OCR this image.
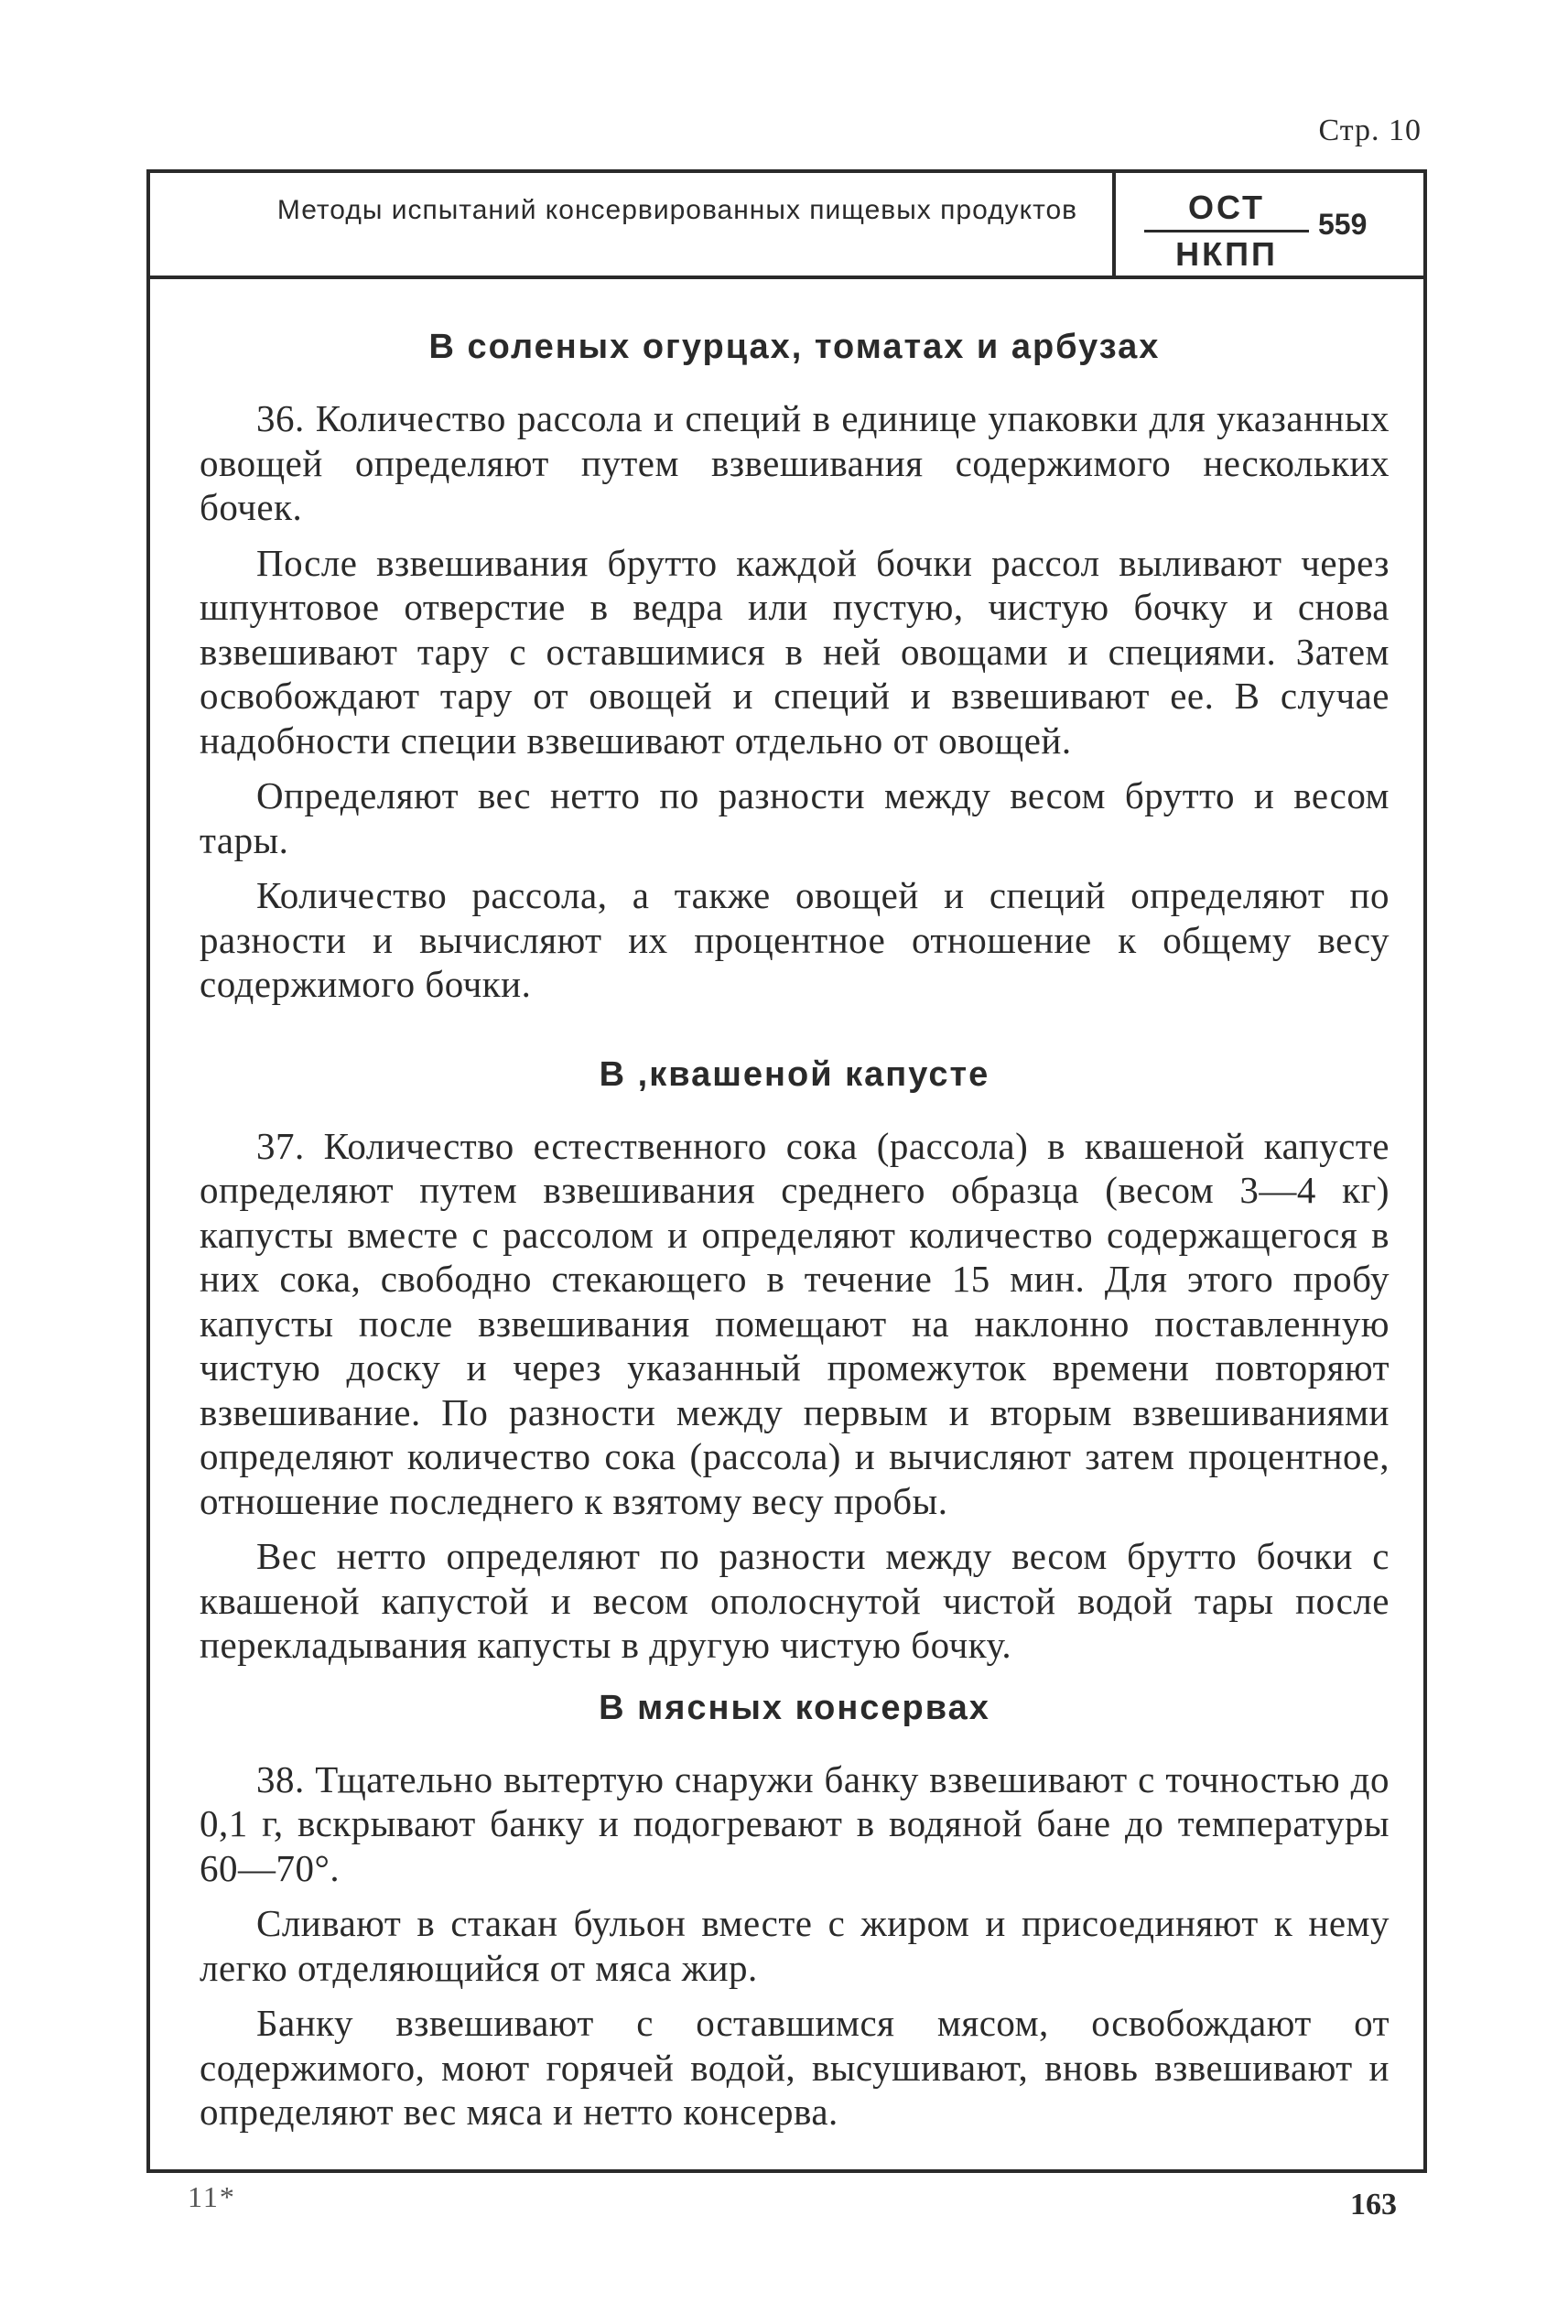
Стр. 10
Методы испытаний консервированных пищевых продуктов	ОСТ
НКПП
559
В соленых огурцах, томатах и арбузах

36. Количество рассола и специй в единице упаковки для указанных овощей определяют путем взвешивания содержимого нескольких бочек.

После взвешивания брутто каждой бочки рассол выливают через шпунтовое отверстие в ведра или пустую, чистую бочку и снова взвешивают тару с оставшимися в ней овощами и специями. Затем освобождают тару от овощей и специй и взвешивают ее. В случае надобности специи взвешивают отдельно от овощей.

Определяют вес нетто по разности между весом брутто и весом тары.

Количество рассола, а также овощей и специй определяют по разности и вычисляют их процентное отношение к общему весу содержимого бочки.

В ,квашеной капусте

37. Количество естественного сока (рассола) в квашеной капусте определяют путем взвешивания среднего образца (весом 3—4 кг) капусты вместе с рассолом и определяют количество содержащегося в них сока, свободно стекающего в течение 15 мин. Для этого пробу капусты после взвешивания помещают на наклонно поставленную чистую доску и через указанный промежуток времени повторяют взвешивание. По разности между первым и вторым взвешиваниями определяют количество сока (рассола) и вычисляют затем процентное, отношение последнего к взятому весу пробы.

Вес нетто определяют по разности между весом брутто бочки с квашеной капустой и весом ополоснутой чистой водой тары после перекладывания капусты в другую чистую бочку.

В мясных консервах

38. Тщательно вытертую снаружи банку взвешивают с точностью до 0,1 г, вскрывают банку и подогревают в водяной бане до температуры 60—70°.

Сливают в стакан бульон вместе с жиром и присоединяют к нему легко отделяющийся от мяса жир.

Банку взвешивают с оставшимся мясом, освобождают от содержимого, моют горячей водой, высушивают, вновь взвешивают и определяют вес мяса и нетто консерва.

11*	163
